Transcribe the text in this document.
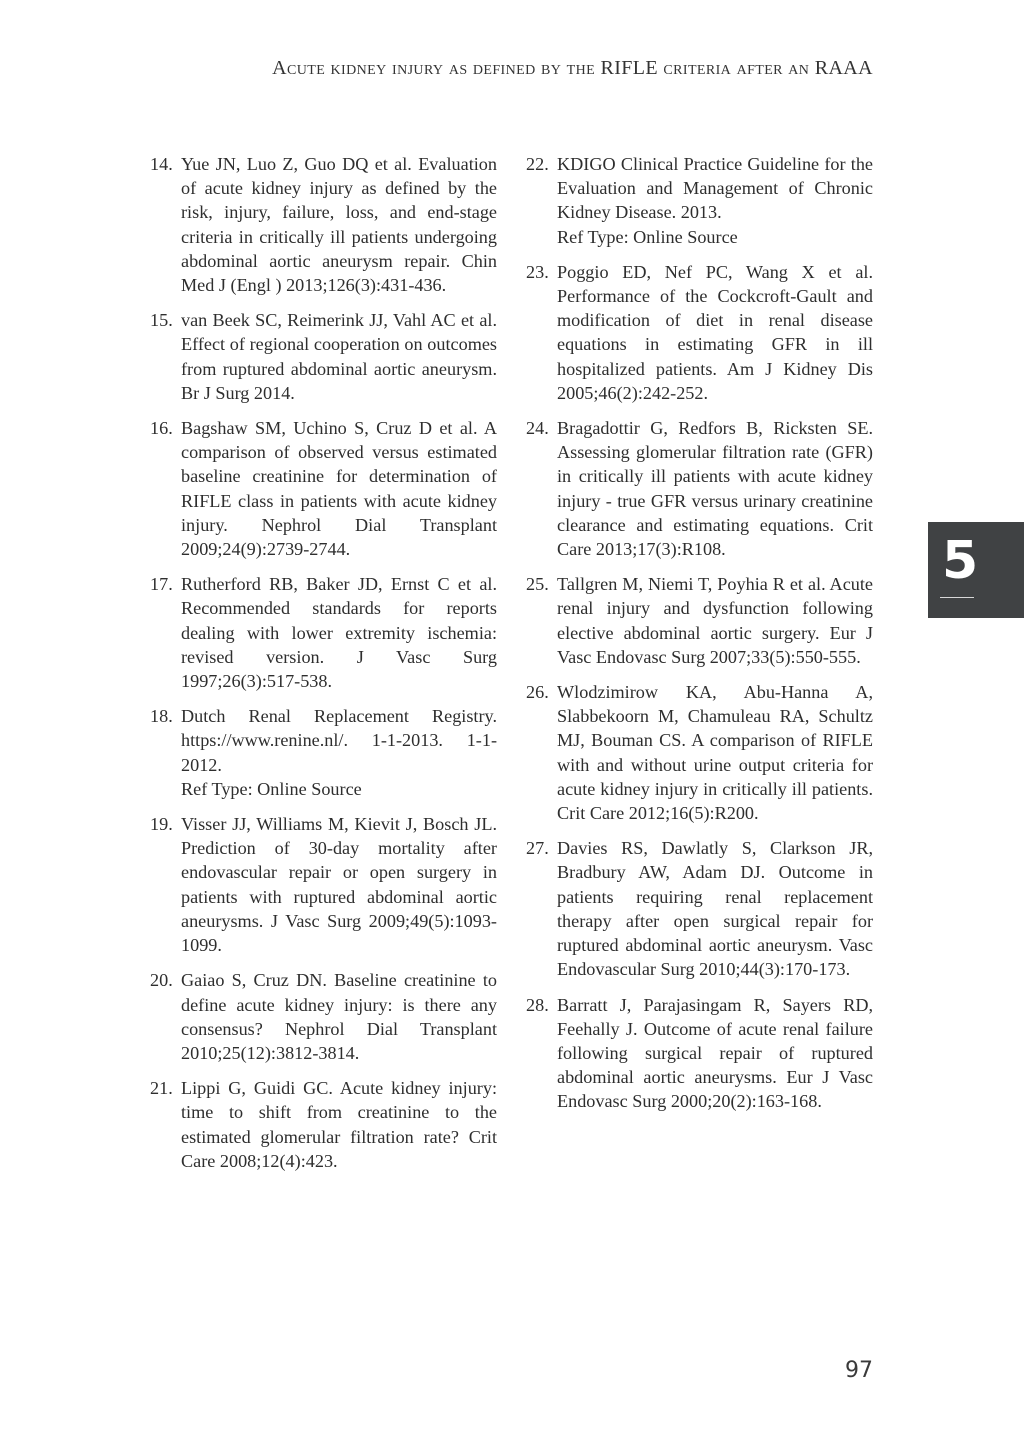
Acute kidney injury as defined by the RIFLE criteria after an RAAA
14. Yue JN, Luo Z, Guo DQ et al. Evaluation of acute kidney injury as defined by the risk, injury, failure, loss, and end-stage criteria in critically ill patients undergoing abdominal aortic aneurysm repair. Chin Med J (Engl ) 2013;126(3):431-436.
15. van Beek SC, Reimerink JJ, Vahl AC et al. Effect of regional cooperation on outcomes from ruptured abdominal aortic aneurysm. Br J Surg 2014.
16. Bagshaw SM, Uchino S, Cruz D et al. A comparison of observed versus estimated baseline creatinine for determination of RIFLE class in patients with acute kidney injury. Nephrol Dial Transplant 2009;24(9):2739-2744.
17. Rutherford RB, Baker JD, Ernst C et al. Recommended standards for reports dealing with lower extremity ischemia: revised version. J Vasc Surg 1997;26(3):517-538.
18. Dutch Renal Replacement Registry. https://www.renine.nl/. 1-1-2013. 1-1-2012.
Ref Type: Online Source
19. Visser JJ, Williams M, Kievit J, Bosch JL. Prediction of 30-day mortality after endovascular repair or open surgery in patients with ruptured abdominal aortic aneurysms. J Vasc Surg 2009;49(5):1093-1099.
20. Gaiao S, Cruz DN. Baseline creatinine to define acute kidney injury: is there any consensus? Nephrol Dial Transplant 2010;25(12):3812-3814.
21. Lippi G, Guidi GC. Acute kidney injury: time to shift from creatinine to the estimated glomerular filtration rate? Crit Care 2008;12(4):423.
22. KDIGO Clinical Practice Guideline for the Evaluation and Management of Chronic Kidney Disease. 2013.
Ref Type: Online Source
23. Poggio ED, Nef PC, Wang X et al. Performance of the Cockcroft-Gault and modification of diet in renal disease equations in estimating GFR in ill hospitalized patients. Am J Kidney Dis 2005;46(2):242-252.
24. Bragadottir G, Redfors B, Ricksten SE. Assessing glomerular filtration rate (GFR) in critically ill patients with acute kidney injury - true GFR versus urinary creatinine clearance and estimating equations. Crit Care 2013;17(3):R108.
25. Tallgren M, Niemi T, Poyhia R et al. Acute renal injury and dysfunction following elective abdominal aortic surgery. Eur J Vasc Endovasc Surg 2007;33(5):550-555.
26. Wlodzimirow KA, Abu-Hanna A, Slabbekoorn M, Chamuleau RA, Schultz MJ, Bouman CS. A comparison of RIFLE with and without urine output criteria for acute kidney injury in critically ill patients. Crit Care 2012;16(5):R200.
27. Davies RS, Dawlatly S, Clarkson JR, Bradbury AW, Adam DJ. Outcome in patients requiring renal replacement therapy after open surgical repair for ruptured abdominal aortic aneurysm. Vasc Endovascular Surg 2010;44(3):170-173.
28. Barratt J, Parajasingam R, Sayers RD, Feehally J. Outcome of acute renal failure following surgical repair of ruptured abdominal aortic aneurysms. Eur J Vasc Endovasc Surg 2000;20(2):163-168.
5
97
